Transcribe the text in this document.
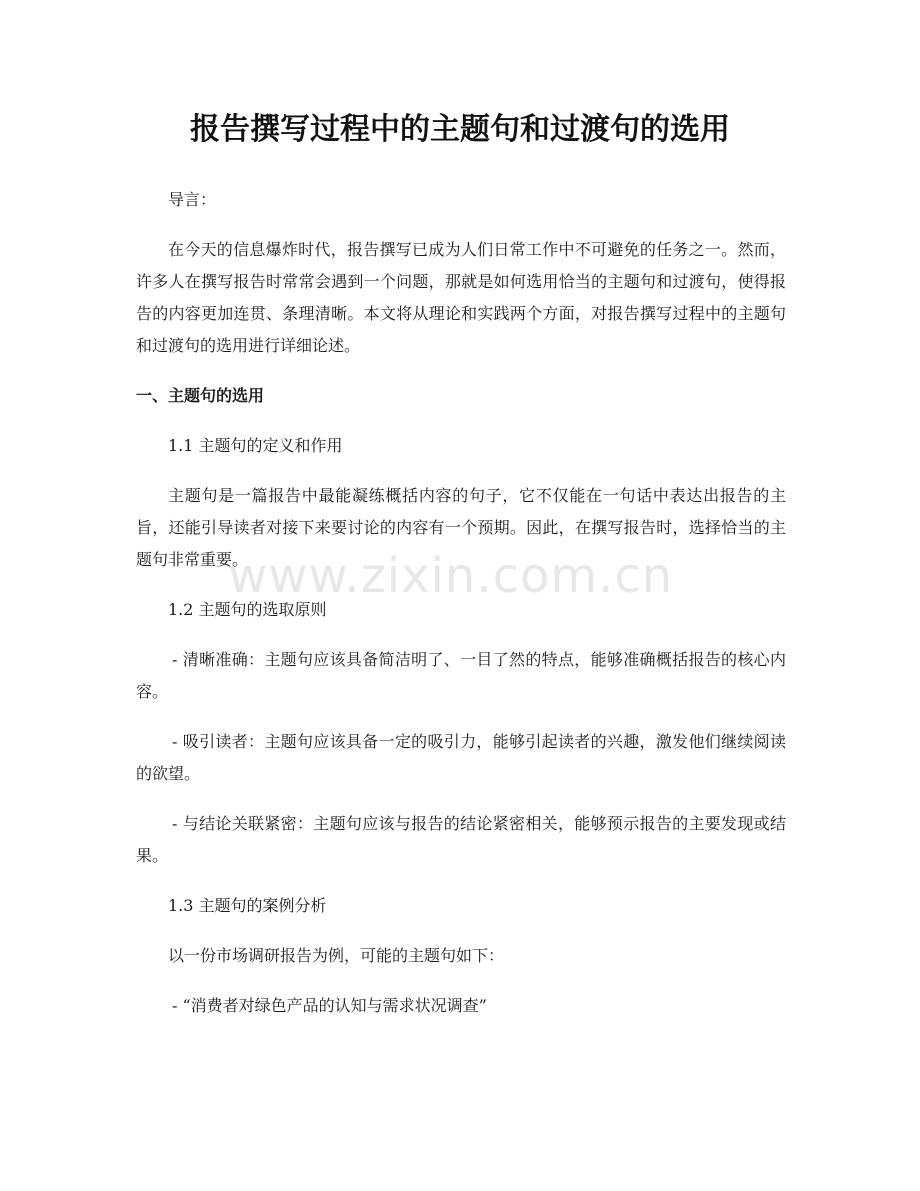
报告撰写过程中的主题句和过渡句的选用

导言：

在今天的信息爆炸时代，报告撰写已成为人们日常工作中不可避免的任务之一。然而，许多人在撰写报告时常常会遇到一个问题，那就是如何选用恰当的主题句和过渡句，使得报告的内容更加连贯、条理清晰。本文将从理论和实践两个方面，对报告撰写过程中的主题句和过渡句的选用进行详细论述。

一、主题句的选用

1.1 主题句的定义和作用

主题句是一篇报告中最能凝练概括内容的句子，它不仅能在一句话中表达出报告的主旨，还能引导读者对接下来要讨论的内容有一个预期。因此，在撰写报告时，选择恰当的主题句非常重要。

1.2 主题句的选取原则

- 清晰准确：主题句应该具备简洁明了、一目了然的特点，能够准确概括报告的核心内容。

- 吸引读者：主题句应该具备一定的吸引力，能够引起读者的兴趣，激发他们继续阅读的欲望。

- 与结论关联紧密：主题句应该与报告的结论紧密相关，能够预示报告的主要发现或结果。

1.3 主题句的案例分析

以一份市场调研报告为例，可能的主题句如下：

- “消费者对绿色产品的认知与需求状况调查”

www.zixin.com.cn
